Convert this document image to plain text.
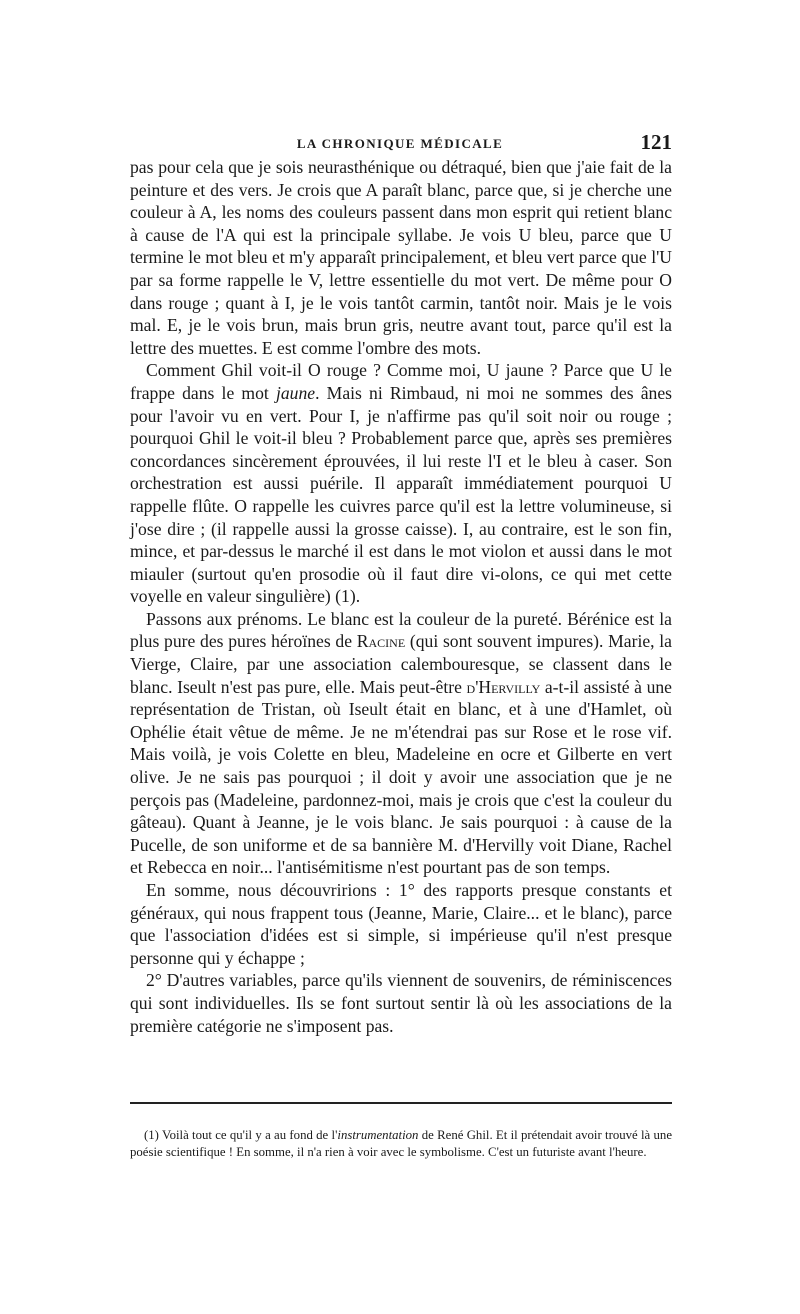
LA CHRONIQUE MÉDICALE	121

pas pour cela que je sois neurasthénique ou détraqué, bien que j'aie fait de la peinture et des vers. Je crois que A paraît blanc, parce que, si je cherche une couleur à A, les noms des couleurs passent dans mon esprit qui retient blanc à cause de l'A qui est la principale syllabe. Je vois U bleu, parce que U termine le mot bleu et m'y apparaît principalement, et bleu vert parce que l'U par sa forme rappelle le V, lettre essentielle du mot vert. De même pour O dans rouge ; quant à I, je le vois tantôt carmin, tantôt noir. Mais je le vois mal. E, je le vois brun, mais brun gris, neutre avant tout, parce qu'il est la lettre des muettes. E est comme l'ombre des mots.

Comment Ghil voit-il O rouge ? Comme moi, U jaune ? Parce que U le frappe dans le mot jaune. Mais ni Rimbaud, ni moi ne sommes des ânes pour l'avoir vu en vert. Pour I, je n'affirme pas qu'il soit noir ou rouge ; pourquoi Ghil le voit-il bleu ? Probablement parce que, après ses premières concordances sincèrement éprouvées, il lui reste l'I et le bleu à caser. Son orchestration est aussi puérile. Il apparaît immédiatement pourquoi U rappelle flûte. O rappelle les cuivres parce qu'il est la lettre volumineuse, si j'ose dire ; (il rappelle aussi la grosse caisse). I, au contraire, est le son fin, mince, et par-dessus le marché il est dans le mot violon et aussi dans le mot miauler (surtout qu'en prosodie où il faut dire vi-olons, ce qui met cette voyelle en valeur singulière) (1).

Passons aux prénoms. Le blanc est la couleur de la pureté. Bérénice est la plus pure des pures héroïnes de Racine (qui sont souvent impures). Marie, la Vierge, Claire, par une association calembouresque, se classent dans le blanc. Iseult n'est pas pure, elle. Mais peut-être d'Hervilly a-t-il assisté à une représentation de Tristan, où Iseult était en blanc, et à une d'Hamlet, où Ophélie était vêtue de même. Je ne m'étendrai pas sur Rose et le rose vif. Mais voilà, je vois Colette en bleu, Madeleine en ocre et Gilberte en vert olive. Je ne sais pas pourquoi ; il doit y avoir une association que je ne perçois pas (Madeleine, pardonnez-moi, mais je crois que c'est la couleur du gâteau). Quant à Jeanne, je le vois blanc. Je sais pourquoi : à cause de la Pucelle, de son uniforme et de sa bannière M. d'Hervilly voit Diane, Rachel et Rebecca en noir... l'antisémitisme n'est pourtant pas de son temps.

En somme, nous découvririons : 1° des rapports presque constants et généraux, qui nous frappent tous (Jeanne, Marie, Claire... et le blanc), parce que l'association d'idées est si simple, si impérieuse qu'il n'est presque personne qui y échappe ;

2° D'autres variables, parce qu'ils viennent de souvenirs, de réminiscences qui sont individuelles. Ils se font surtout sentir là où les associations de la première catégorie ne s'imposent pas.

(1) Voilà tout ce qu'il y a au fond de l'instrumentation de René Ghil. Et il prétendait avoir trouvé là une poésie scientifique ! En somme, il n'a rien à voir avec le symbolisme. C'est un futuriste avant l'heure.
